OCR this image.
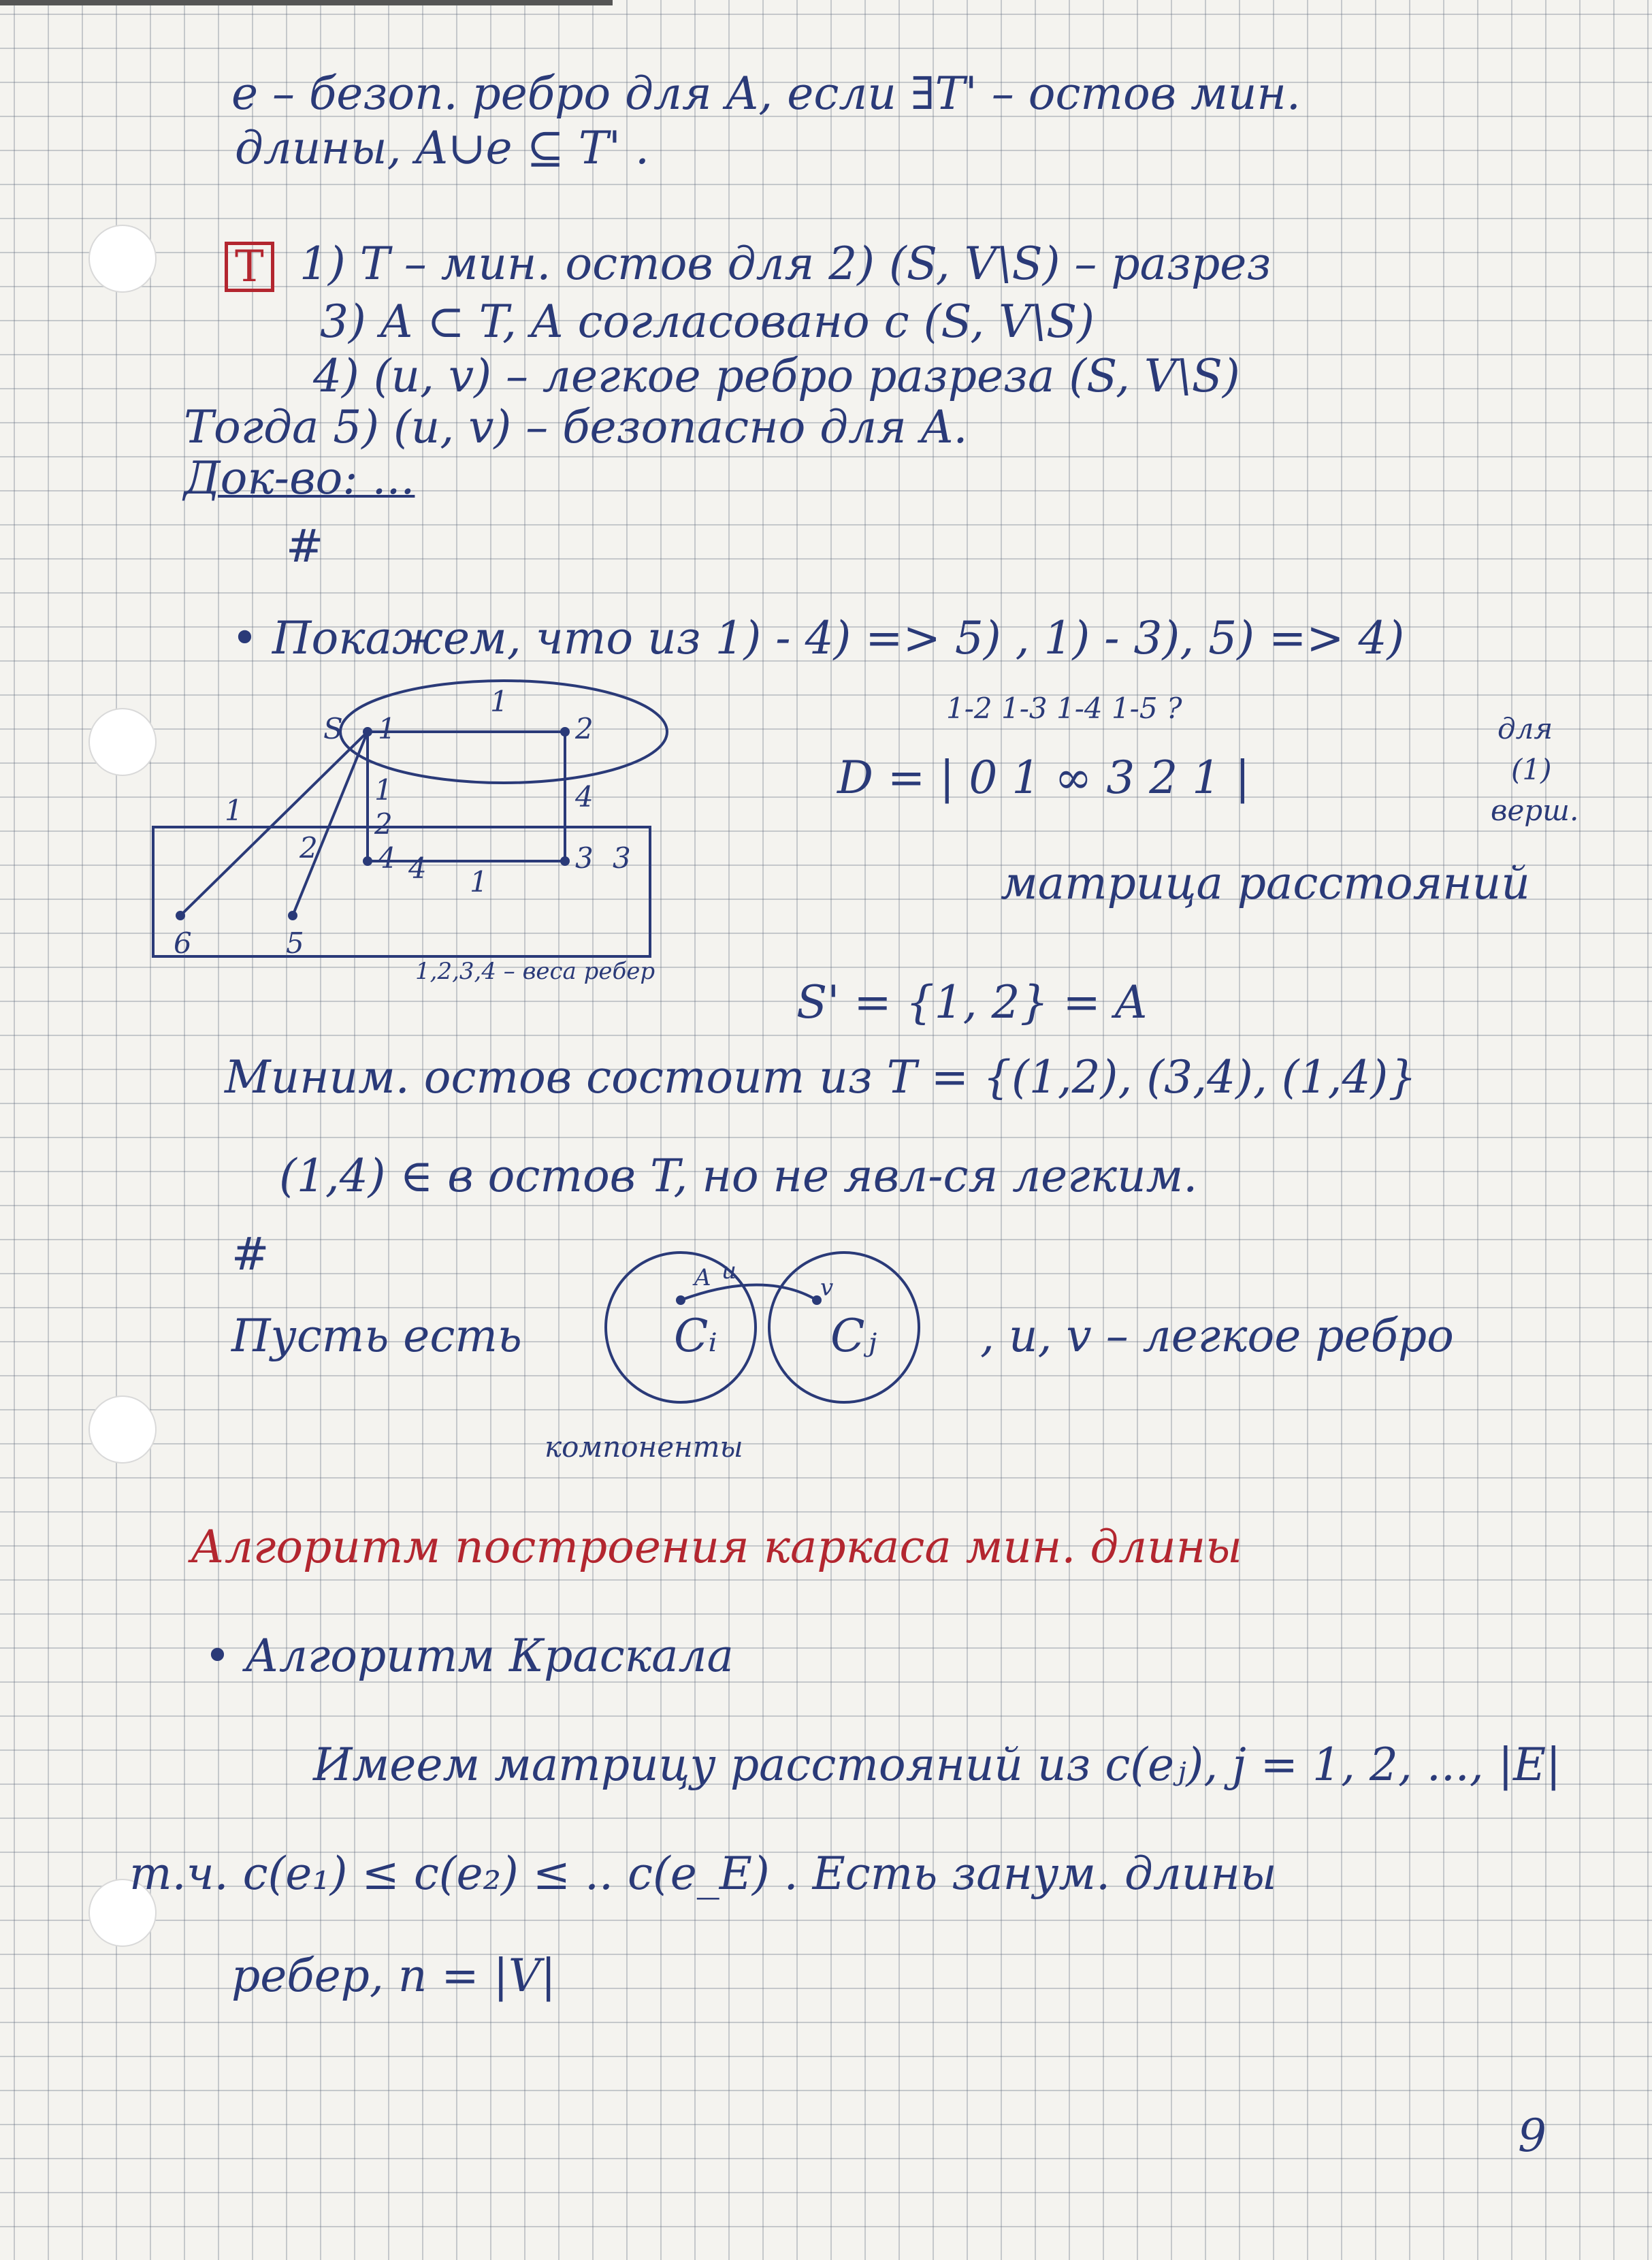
e – безоп. ребро для A, если ∃T' – остов мин.
длины, A∪e ⊆ T' .
T 1) T – мин. остов для 2) (S, V\S) – разрез
3) A ⊂ T, A согласовано с (S, V\S)
4) (u, v) – легкое ребро разреза (S, V\S)
Тогда 5) (u, v) – безопасно для A.
Док-во: ...
#
• Покажем, что из 1) - 4) => 5) , 1) - 3), 5) => 4)
1-2 1-3 1-4 1-5 ?
D = | 0 1 ∞ 3 2 1 |
для
(1)
верш.
матрица расстояний
S' = {1, 2} = A
Миним. остов состоит из T = {(1,2), (3,4), (1,4)}
(1,4) ∈ в остов T, но не явл-ся легким.
#
Пусть есть	, u, v – легкое ребро
компоненты
Алгоритм построения каркаса мин. длины
• Алгоритм Краскала
Имеем матрицу расстояний из c(eⱼ), j = 1, 2, ..., |E|
т.ч. c(e₁) ≤ c(e₂) ≤ .. c(e_E) . Есть занум. длины
ребер, n = |V|
9
S 1	2
3
4
5
6
1
1
4
1
2
1
2	3
4
1,2,3,4 – веса ребер
Cᵢ
A
Cⱼ
u
v
